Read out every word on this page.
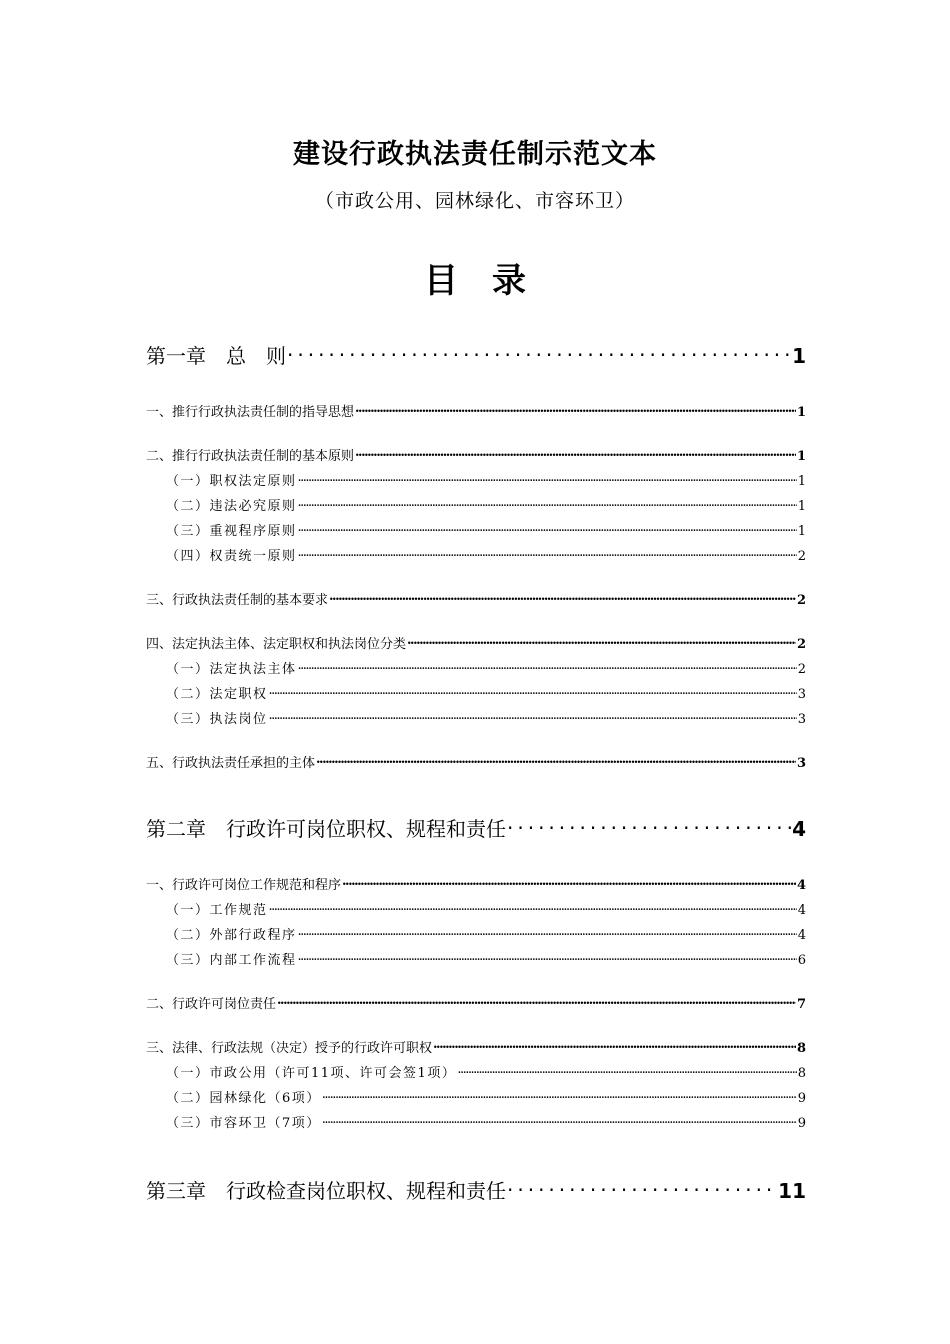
建设行政执法责任制示范文本
（市政公用、园林绿化、市容环卫）
目　录
第一章　总　则 .....	1
一、推行行政执法责任制的指导思想 .....	1
二、推行行政执法责任制的基本原则 .....	1
（一）职权法定原则 .....	1
（二）违法必究原则 .....	1
（三）重视程序原则 .....	1
（四）权责统一原则 .....	2
三、行政执法责任制的基本要求 .....	2
四、法定执法主体、法定职权和执法岗位分类 .....	2
（一）法定执法主体 .....	2
（二）法定职权 .....	3
（三）执法岗位 .....	3
五、行政执法责任承担的主体 .....	3
第二章　行政许可岗位职权、规程和责任 .....	4
一、行政许可岗位工作规范和程序 .....	4
（一）工作规范 .....	4
（二）外部行政程序 .....	4
（三）内部工作流程 .....	6
二、行政许可岗位责任 .....	7
三、法律、行政法规（决定）授予的行政许可职权 .....	8
（一）市政公用（许可11项、许可会签1项） .....	8
（二）园林绿化（6项） .....	9
（三）市容环卫（7项） .....	9
第三章　行政检查岗位职权、规程和责任 .....	11
